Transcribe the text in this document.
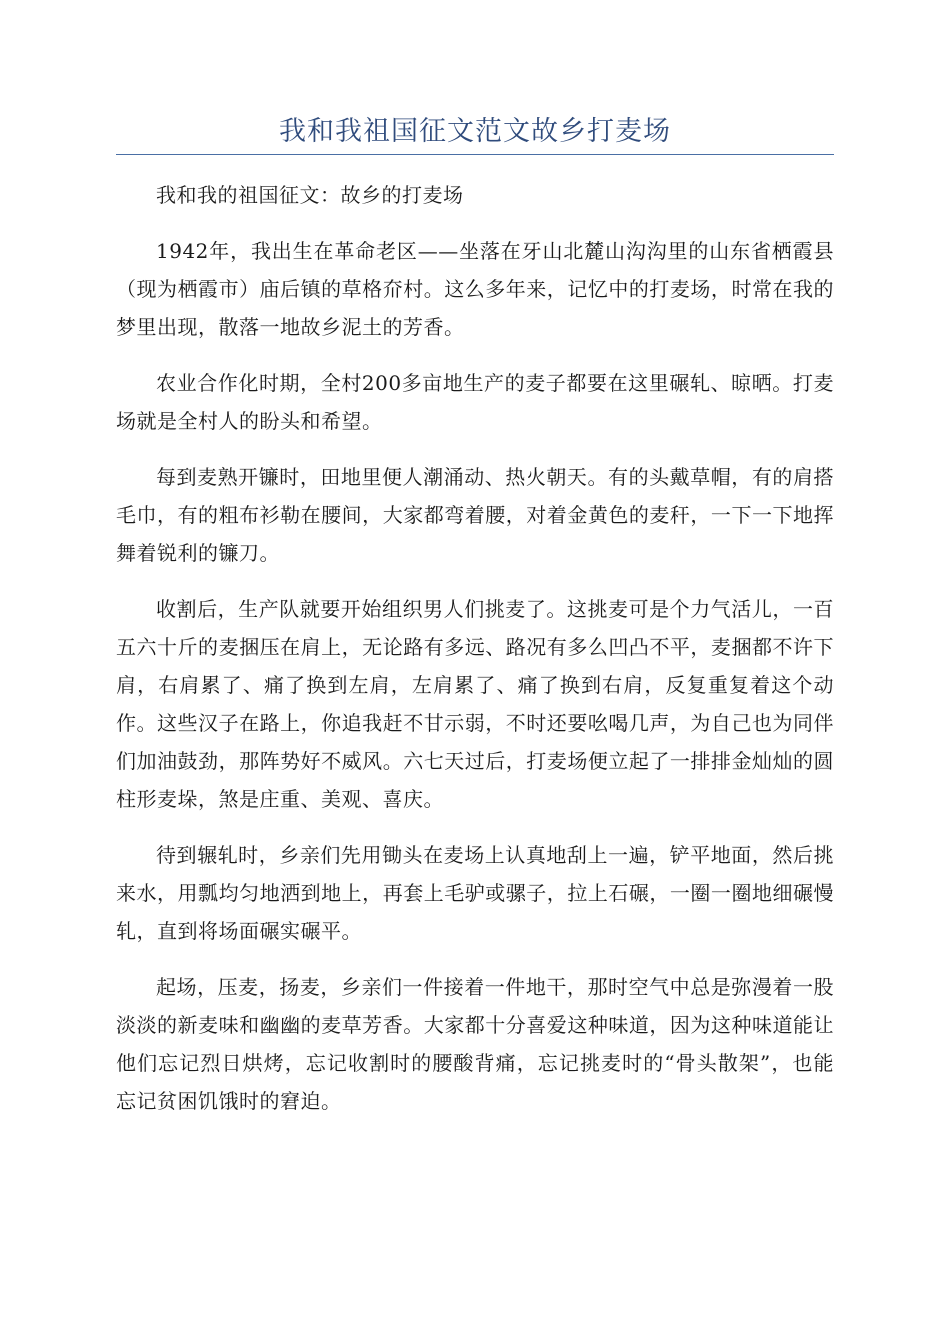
我和我祖国征文范文故乡打麦场

我和我的祖国征文：故乡的打麦场

1942年，我出生在革命老区——坐落在牙山北麓山沟沟里的山东省栖霞县（现为栖霞市）庙后镇的草格夼村。这么多年来，记忆中的打麦场，时常在我的梦里出现，散落一地故乡泥土的芳香。

农业合作化时期，全村200多亩地生产的麦子都要在这里碾轧、晾晒。打麦场就是全村人的盼头和希望。

每到麦熟开镰时，田地里便人潮涌动、热火朝天。有的头戴草帽，有的肩搭毛巾，有的粗布衫勒在腰间，大家都弯着腰，对着金黄色的麦秆，一下一下地挥舞着锐利的镰刀。

收割后，生产队就要开始组织男人们挑麦了。这挑麦可是个力气活儿，一百五六十斤的麦捆压在肩上，无论路有多远、路况有多么凹凸不平，麦捆都不许下肩，右肩累了、痛了换到左肩，左肩累了、痛了换到右肩，反复重复着这个动作。这些汉子在路上，你追我赶不甘示弱，不时还要吆喝几声，为自己也为同伴们加油鼓劲，那阵势好不威风。六七天过后，打麦场便立起了一排排金灿灿的圆柱形麦垛，煞是庄重、美观、喜庆。

待到辗轧时，乡亲们先用锄头在麦场上认真地刮上一遍，铲平地面，然后挑来水，用瓢均匀地洒到地上，再套上毛驴或骡子，拉上石碾，一圈一圈地细碾慢轧，直到将场面碾实碾平。

起场，压麦，扬麦，乡亲们一件接着一件地干，那时空气中总是弥漫着一股淡淡的新麦味和幽幽的麦草芳香。大家都十分喜爱这种味道，因为这种味道能让他们忘记烈日烘烤，忘记收割时的腰酸背痛，忘记挑麦时的“骨头散架”，也能忘记贫困饥饿时的窘迫。
